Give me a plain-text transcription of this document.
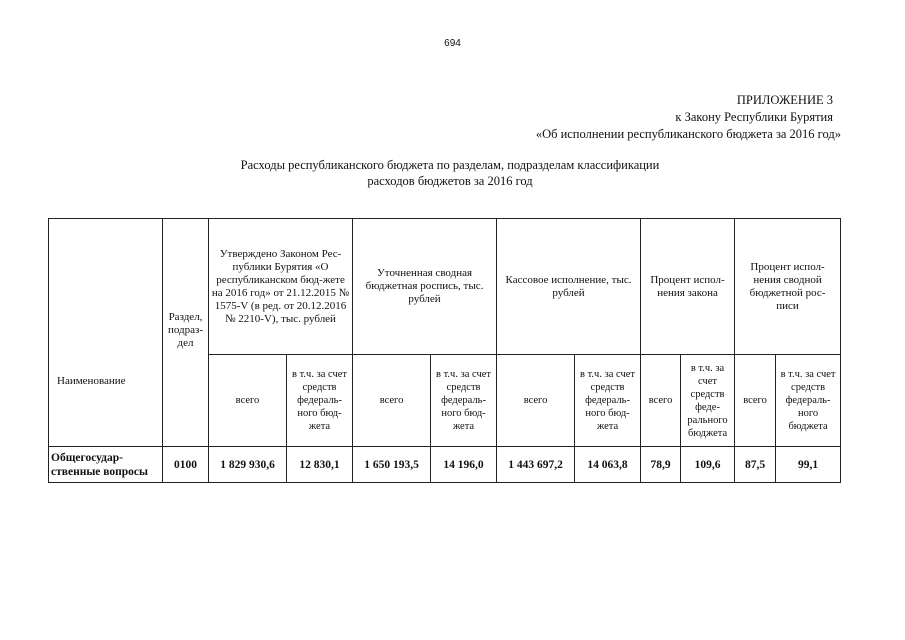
694
ПРИЛОЖЕНИЕ 3
к Закону Республики Бурятия
«Об исполнении республиканского бюджета за 2016 год»
Расходы республиканского бюджета по разделам, подразделам классификации
расходов бюджетов за 2016 год
Наименование	Раздел, подраз-дел	Утверждено Законом Рес-публики Бурятия «О республиканском бюд-жете на 2016 год» от 21.12.2015 № 1575-V (в ред. от 20.12.2016 № 2210-V), тыс. рублей		Уточненная сводная бюджетная роспись, тыс. рублей		Кассовое исполнение, тыс. рублей		Процент испол-нения закона		Процент испол-нения сводной бюджетной рос-писи	
		всего	в т.ч. за счет средств федераль-ного бюд-жета	всего	в т.ч. за счет средств федераль-ного бюд-жета	всего	в т.ч. за счет средств федераль-ного бюд-жета	всего	в т.ч. за счет средств феде-рального бюджета	всего	в т.ч. за счет средств федераль-ного бюджета
Общегосудар-ственные вопросы	0100	1 829 930,6	12 830,1	1 650 193,5	14 196,0	1 443 697,2	14 063,8	78,9	109,6	87,5	99,1
